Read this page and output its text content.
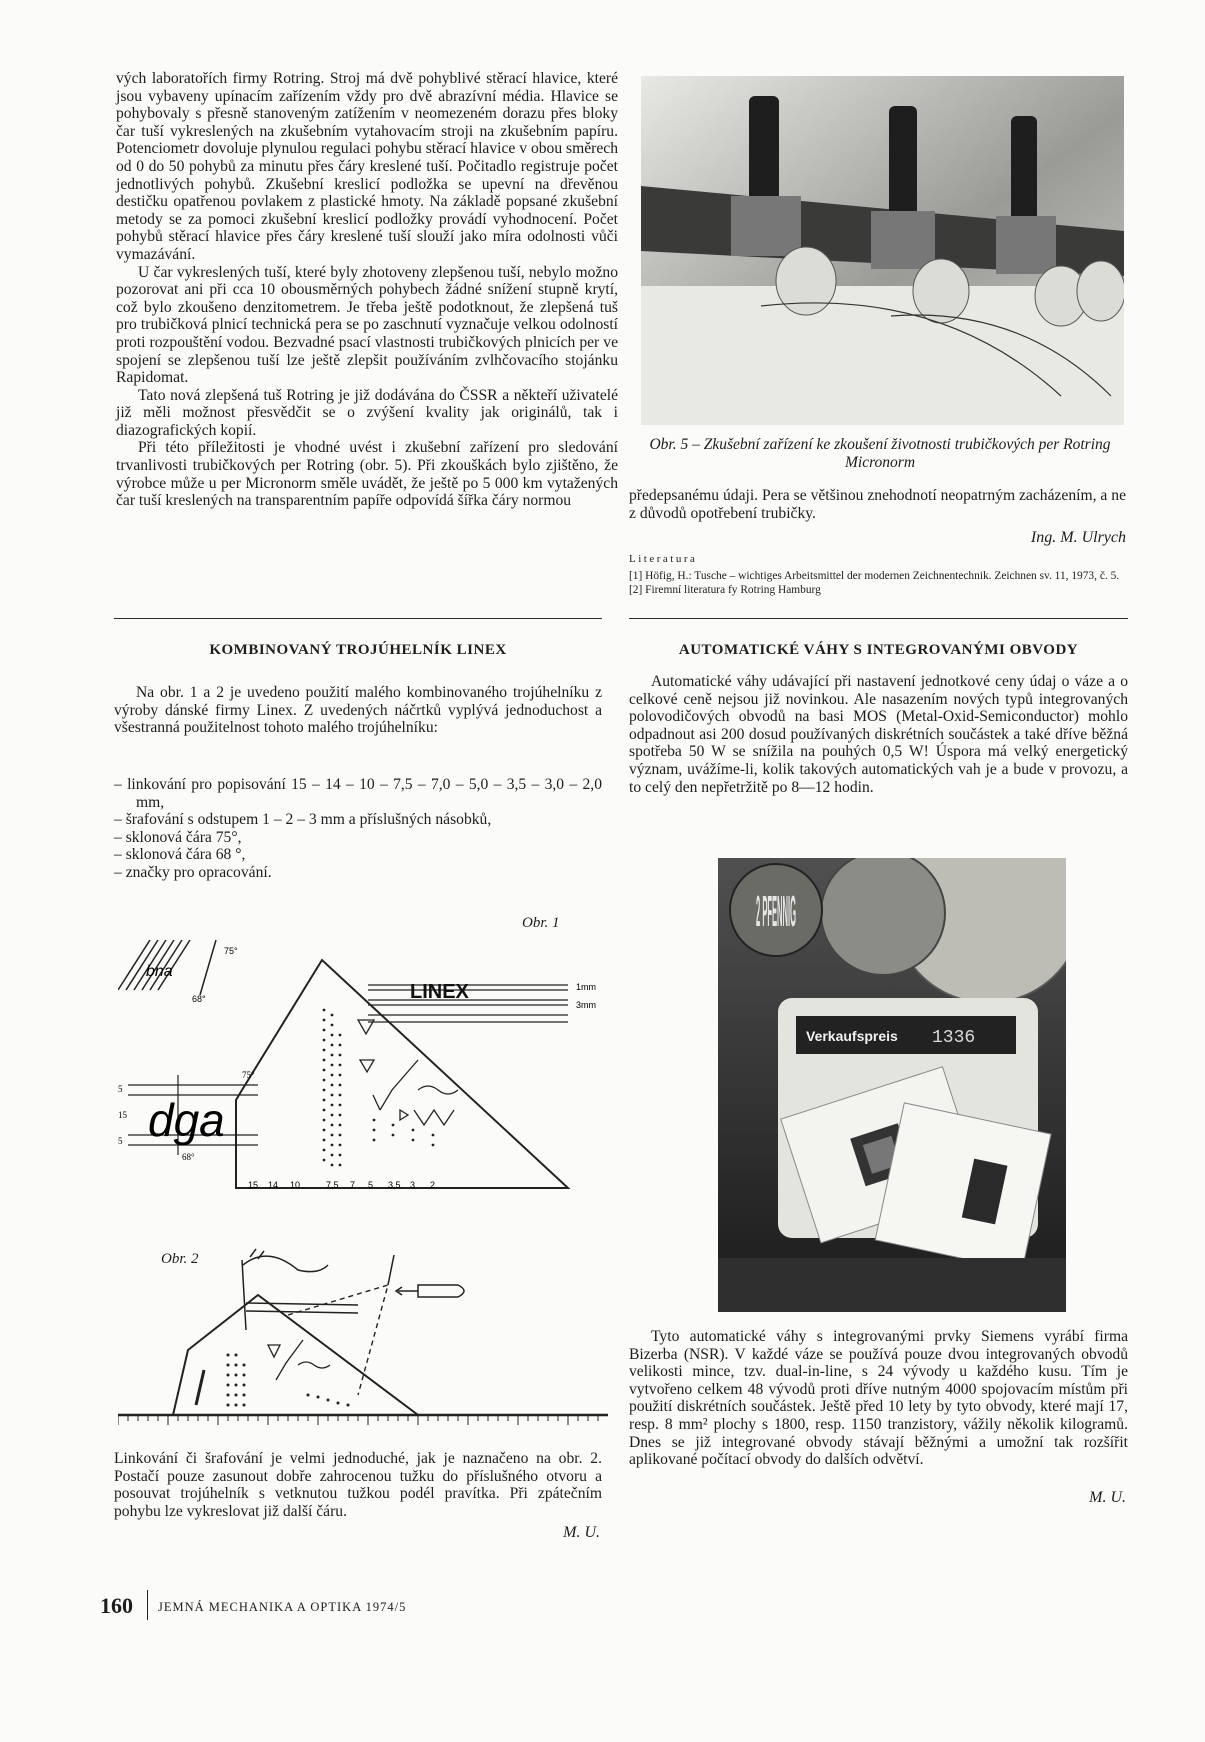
vých laboratořích firmy Rotring. Stroj má dvě pohyblivé stěrací hlavice, které jsou vybaveny upínacím zařízením vždy pro dvě abrazívní média. Hlavice se pohybovaly s přesně stanoveným zatížením v neomezeném dorazu přes bloky čar tuší vykreslených na zkušebním vytahovacím stroji na zkušebním papíru. Potenciometr dovoluje plynulou regulaci pohybu stěrací hlavice v obou směrech od 0 do 50 pohybů za minutu přes čáry kreslené tuší. Počitadlo registruje počet jednotlivých pohybů. Zkušební kreslicí podložka se upevní na dřevěnou destičku opatřenou povlakem z plastické hmoty. Na základě popsané zkušební metody se za pomoci zkušební kreslicí podložky provádí vyhodnocení. Počet pohybů stěrací hlavice přes čáry kreslené tuší slouží jako míra odolnosti vůči vymazávání.

U čar vykreslených tuší, které byly zhotoveny zlepšenou tuší, nebylo možno pozorovat ani při cca 10 obousměrných pohybech žádné snížení stupně krytí, což bylo zkoušeno denzitometrem. Je třeba ještě podotknout, že zlepšená tuš pro trubičková plnicí technická pera se po zaschnutí vyznačuje velkou odolností proti rozpouštění vodou. Bezvadné psací vlastnosti trubičkových plnicích per ve spojení se zlepšenou tuší lze ještě zlepšit používáním zvlhčovacího stojánku Rapidomat.

Tato nová zlepšená tuš Rotring je již dodávána do ČSSR a někteří uživatelé již měli možnost přesvědčit se o zvýšení kvality jak originálů, tak i diazografických kopií.

Při této příležitosti je vhodné uvést i zkušební zařízení pro sledování trvanlivosti trubičkových per Rotring (obr. 5). Při zkouškách bylo zjištěno, že výrobce může u per Micronorm směle uvádět, že ještě po 5 000 km vytažených čar tuší kreslených na transparentním papíře odpovídá šířka čáry normou

Obr. 5 – Zkušební zařízení ke zkoušení životnosti trubičkových per Rotring Micronorm

předepsanému údaji. Pera se většinou znehodnotí neopatrným zacházením, a ne z důvodů opotřebení trubičky.

Ing. M. Ulrych
Literatura
[1] Höfig, H.: Tusche – wichtiges Arbeitsmittel der modernen Zeichnentechnik. Zeichnen sv. 11, 1973, č. 5.
[2] Firemní literatura fy Rotring Hamburg
KOMBINOVANÝ TROJÚHELNÍK LINEX

Na obr. 1 a 2 je uvedeno použití malého kombinovaného trojúhelníku z výroby dánské firmy Linex. Z uvedených náčrtků vyplývá jednoduchost a všestranná použitelnost tohoto malého trojúhelníku:

– linkování pro popisování 15 – 14 – 10 – 7,5 – 7,0 – 5,0 – 3,5 – 3,0 – 2,0 mm,
– šrafování s odstupem 1 – 2 – 3 mm a příslušných násobků,
– sklonová čára 75°,
– sklonová čára 68 °,
– značky pro opracování.
Obr. 1
LINEX	1mm
3mm
bna
75°
68°
dga
5
15
5
75°
68°
15 14 10	7,5 7 5 3,5 3 2
Obr. 2

Linkování či šrafování je velmi jednoduché, jak je naznačeno na obr. 2. Postačí pouze zasunout dobře zahrocenou tužku do příslušného otvoru a posouvat trojúhelník s vetknutou tužkou podél pravítka. Při zpátečním pohybu lze vykreslovat již další čáru.

M. U.
AUTOMATICKÉ VÁHY S INTEGROVANÝMI OBVODY

Automatické váhy udávající při nastavení jednotkové ceny údaj o váze a o celkové ceně nejsou již novinkou. Ale nasazením nových typů integrovaných polovodičových obvodů na basi MOS (Metal-Oxid-Semiconductor) mohlo odpadnout asi 200 dosud používaných diskrétních součástek a také dříve běžná spotřeba 50 W se snížila na pouhých 0,5 W! Úspora má velký energetický význam, uvážíme-li, kolik takových automatických vah je a bude v provozu, a to celý den nepřetržitě po 8—12 hodin.

2 PFENNIG
Verkaufspreis 1336

Tyto automatické váhy s integrovanými prvky Siemens vyrábí firma Bizerba (NSR). V každé váze se používá pouze dvou integrovaných obvodů velikosti mince, tzv. dual-in-line, s 24 vývody u každého kusu. Tím je vytvořeno celkem 48 vývodů proti dříve nutným 4000 spojovacím místům při použití diskrétních součástek. Ještě před 10 lety by tyto obvody, které mají 17, resp. 8 mm² plochy s 1800, resp. 1150 tranzistory, vážily několik kilogramů. Dnes se již integrované obvody stávají běžnými a umožní tak rozšířit aplikované počítací obvody do dalších odvětví.

M. U.
160 JEMNÁ MECHANIKA A OPTIKA 1974/5
